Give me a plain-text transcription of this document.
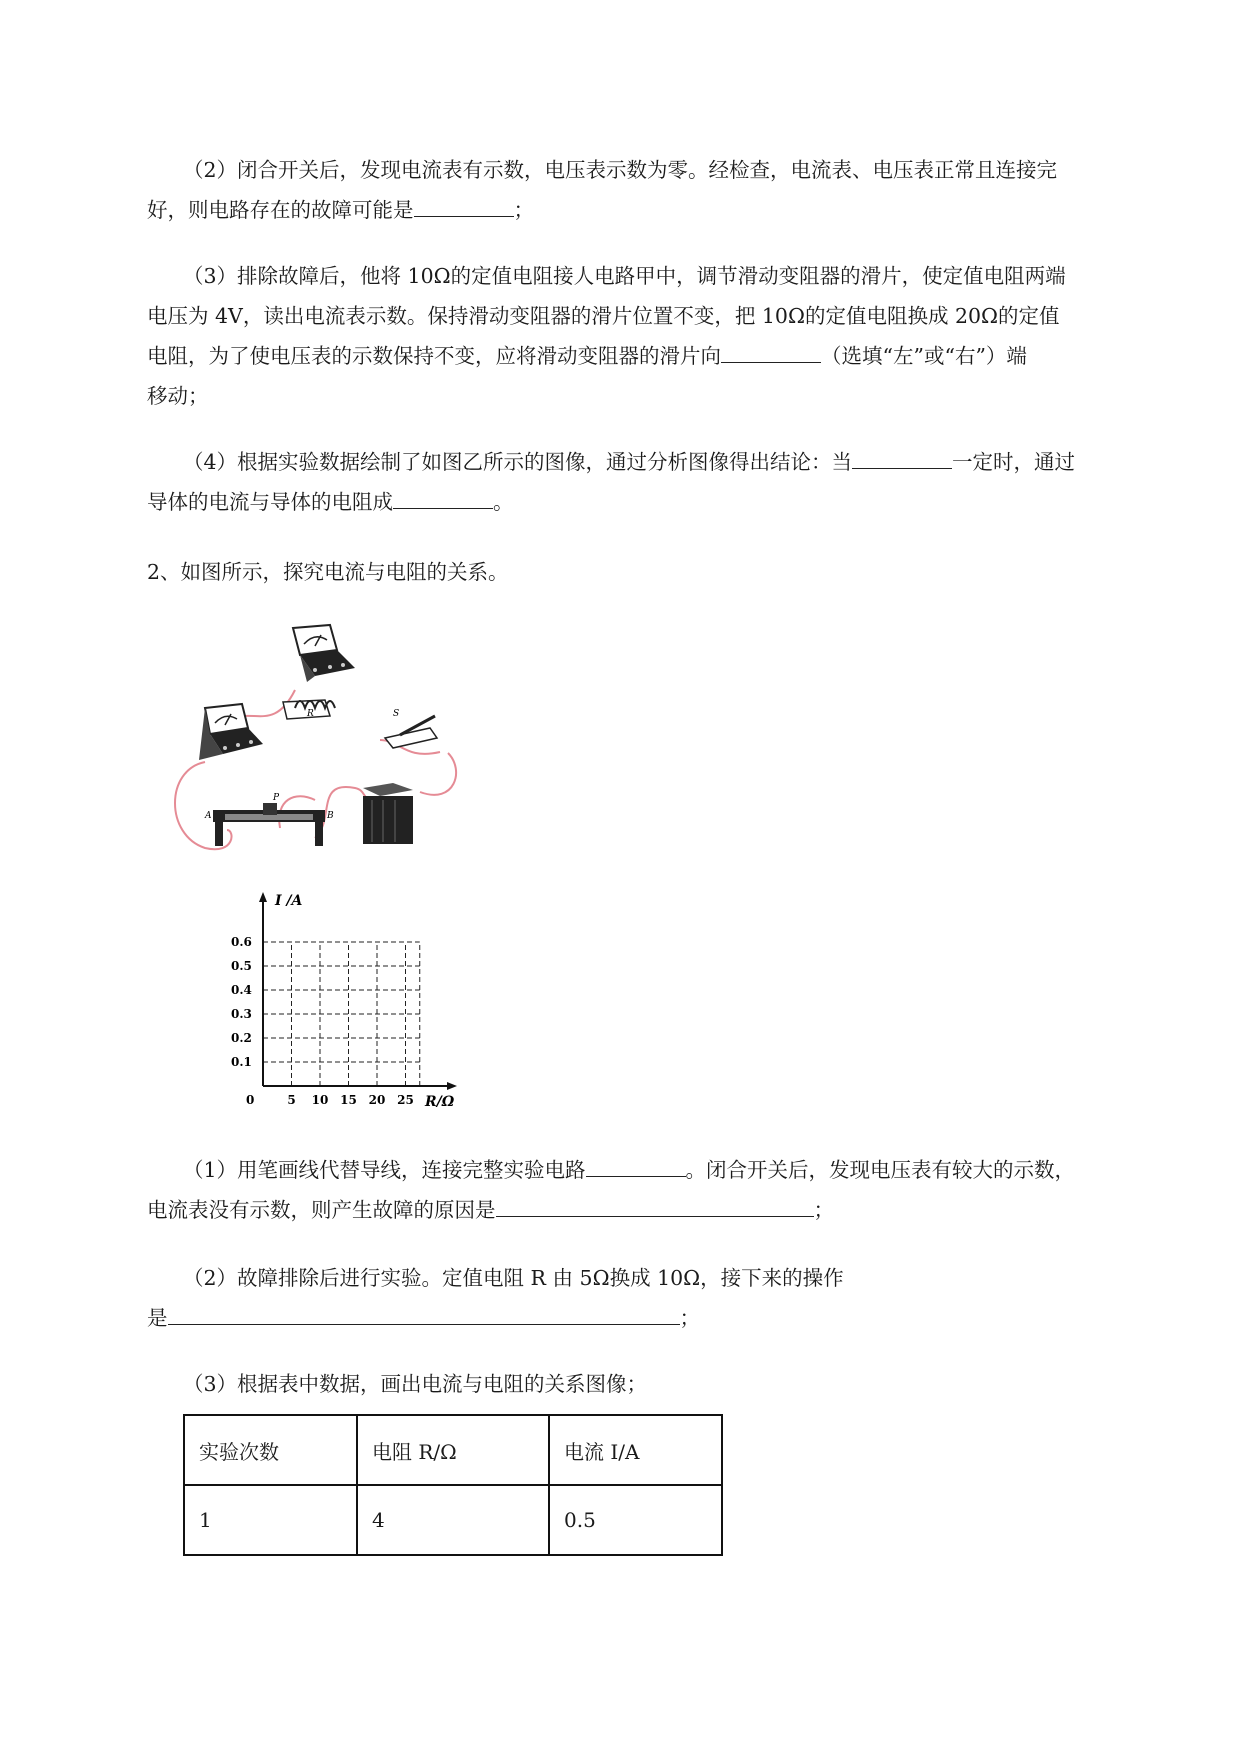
（2）闭合开关后，发现电流表有示数，电压表示数为零。经检查，电流表、电压表正常且连接完
好，则电路存在的故障可能是	；
（3）排除故障后，他将 10Ω的定值电阻接人电路甲中，调节滑动变阻器的滑片，使定值电阻两端
电压为 4V，读出电流表示数。保持滑动变阻器的滑片位置不变，把 10Ω的定值电阻换成 20Ω的定值
电阻，为了使电压表的示数保持不变，应将滑动变阻器的滑片向	（选填“左”或“右”）端
移动；
（4）根据实验数据绘制了如图乙所示的图像，通过分析图像得出结论：当	一定时，通过
导体的电流与导体的电阻成	。
2、如图所示，探究电流与电阻的关系。
R	S
A	B
P
I /A
R/Ω
0
0.6
0.5
0.4
0.3
0.2
0.1
5 10 15 20 25
（1）用笔画线代替导线，连接完整实验电路	。闭合开关后，发现电压表有较大的示数，
电流表没有示数，则产生故障的原因是	；
（2）故障排除后进行实验。定值电阻 R 由 5Ω换成 10Ω，接下来的操作
是	；
（3）根据表中数据，画出电流与电阻的关系图像；
实验次数	电阻 R/Ω	电流 I/A
1	4	0.5
